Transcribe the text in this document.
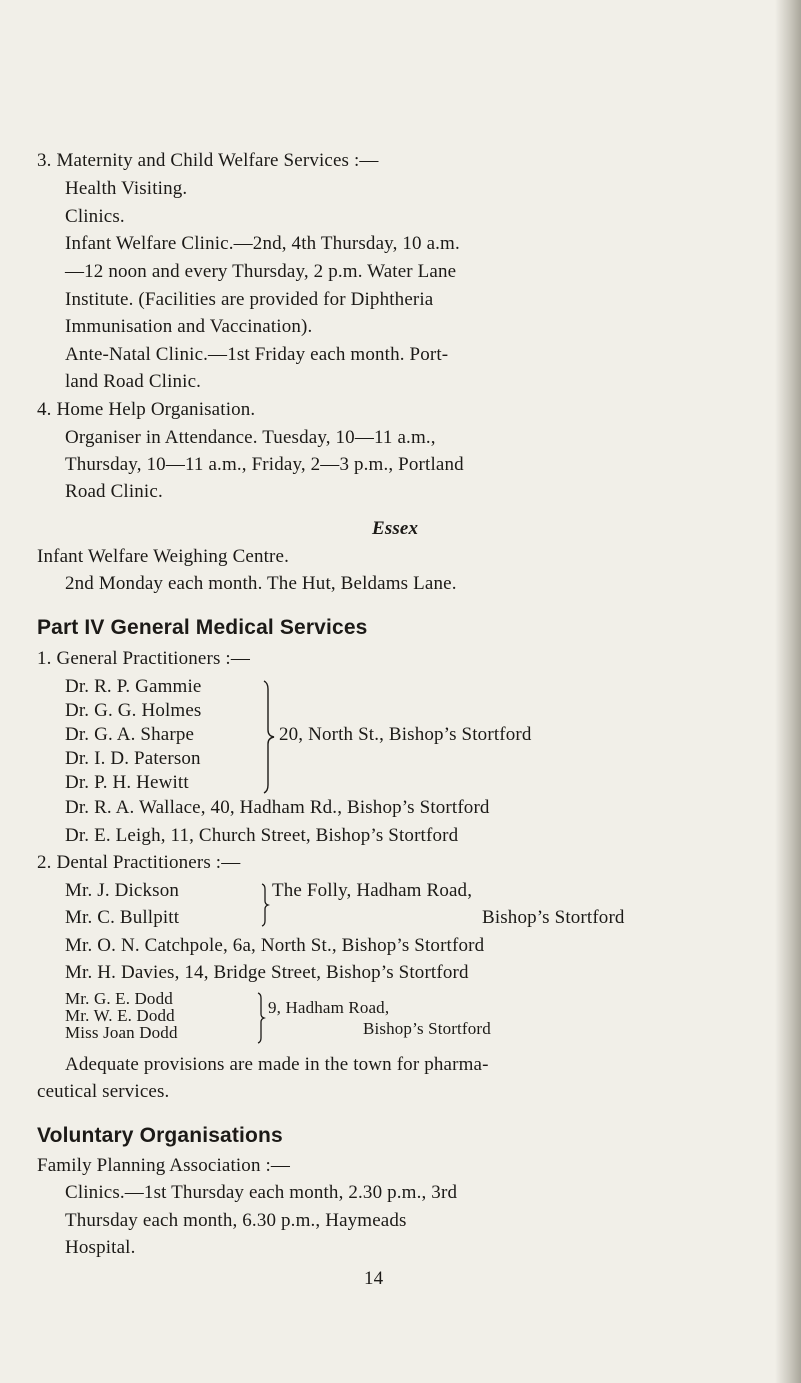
3. Maternity and Child Welfare Services :—
Health Visiting.
Clinics.
Infant Welfare Clinic.—2nd, 4th Thursday, 10 a.m.
—12 noon and every Thursday, 2 p.m. Water Lane
Institute. (Facilities are provided for Diphtheria
Immunisation and Vaccination).
Ante-Natal Clinic.—1st Friday each month. Port-
land Road Clinic.
4. Home Help Organisation.
Organiser in Attendance. Tuesday, 10—11 a.m.,
Thursday, 10—11 a.m., Friday, 2—3 p.m., Portland
Road Clinic.
Essex
Infant Welfare Weighing Centre.
2nd Monday each month. The Hut, Beldams Lane.
Part IV General Medical Services
1. General Practitioners :—
Dr. R. P. Gammie
Dr. G. G. Holmes
Dr. G. A. Sharpe
Dr. I. D. Paterson
Dr. P. H. Hewitt
20, North St., Bishop’s Stortford
Dr. R. A. Wallace, 40, Hadham Rd., Bishop’s Stortford
Dr. E. Leigh, 11, Church Street, Bishop’s Stortford
2. Dental Practitioners :—
Mr. J. Dickson
Mr. C. Bullpitt
The Folly, Hadham Road,
Bishop’s Stortford
Mr. O. N. Catchpole, 6a, North St., Bishop’s Stortford
Mr. H. Davies, 14, Bridge Street, Bishop’s Stortford
Mr. G. E. Dodd
Mr. W. E. Dodd
Miss Joan Dodd
9, Hadham Road,
Bishop’s Stortford
Adequate provisions are made in the town for pharma-
ceutical services.
Voluntary Organisations
Family Planning Association :—
Clinics.—1st Thursday each month, 2.30 p.m., 3rd
Thursday each month, 6.30 p.m., Haymeads
Hospital.
14
